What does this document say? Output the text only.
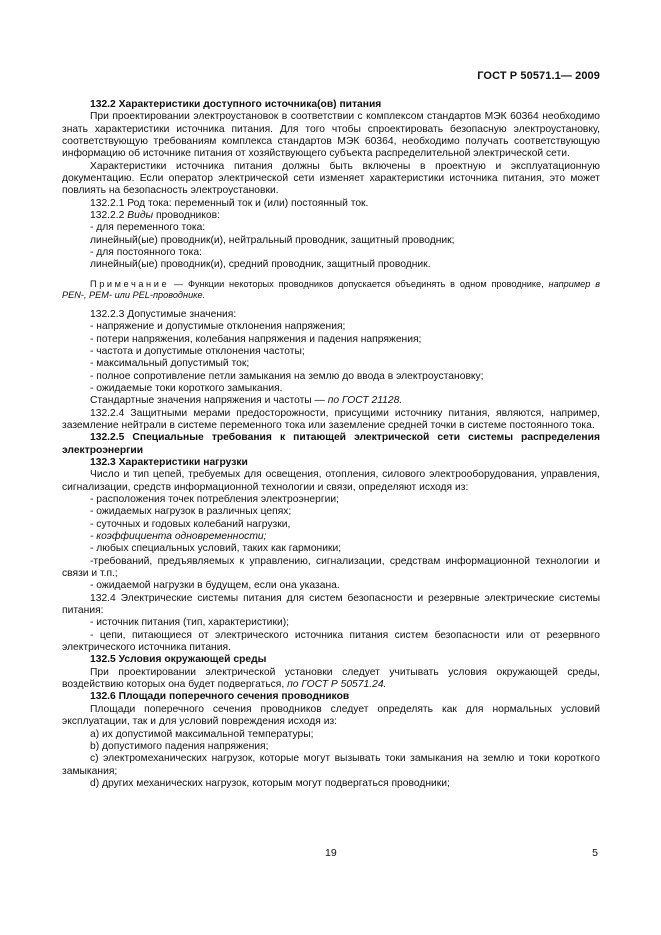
ГОСТ Р 50571.1— 2009

132.2 Характеристики доступного источника(ов) питания

При проектировании электроустановок в соответствии с комплексом стандартов МЭК 60364 необходимо знать характеристики источника питания. Для того чтобы спроектировать безопасную электроустановку, соответствующую требованиям комплекса стандартов МЭК 60364, необходимо получать соответствующую информацию об источнике питания от хозяйствующего субъекта распределительной электрической сети.

Характеристики источника питания должны быть включены в проектную и эксплуатационную документацию. Если оператор электрической сети изменяет характеристики источника питания, это может повлиять на безопасность электроустановки.

132.2.1 Род тока: переменный ток и (или) постоянный ток.

132.2.2 Виды проводников:

- для переменного тока:

линейный(ые) проводник(и), нейтральный проводник, защитный проводник;

- для постоянного тока:

линейный(ые) проводник(и), средний проводник, защитный проводник.

Примечание — Функции некоторых проводников допускается объединять в одном проводнике, например в PEN-, PEM- или PEL-проводнике.

132.2.3 Допустимые значения:

- напряжение и допустимые отклонения напряжения;

- потери напряжения, колебания напряжения и падения напряжения;

- частота и допустимые отклонения частоты;

- максимальный допустимый ток;

- полное сопротивление петли замыкания на землю до ввода в электроустановку;

- ожидаемые токи короткого замыкания.

Стандартные значения напряжения и частоты — по ГОСТ 21128.

132.2.4 Защитными мерами предосторожности, присущими источнику питания, являются, например, заземление нейтрали в системе переменного тока или заземление средней точки в системе постоянного тока.

132.2.5 Специальные требования к питающей электрической сети системы распределения электроэнергии

132.3 Характеристики нагрузки

Число и тип цепей, требуемых для освещения, отопления, силового электрооборудования, управления, сигнализации, средств информационной технологии и связи, определяют исходя из:

- расположения точек потребления электроэнергии;

- ожидаемых нагрузок в различных цепях;

- суточных и годовых колебаний нагрузки,

- коэффициента одновременности;

- любых специальных условий, таких как гармоники;

-требований, предъявляемых к управлению, сигнализации, средствам информационной технологии и связи и т.п.;

- ожидаемой нагрузки в будущем, если она указана.

132.4 Электрические системы питания для систем безопасности и резервные электрические системы питания:

- источник питания (тип, характеристики);

- цепи, питающиеся от электрического источника питания систем безопасности или от резервного электрического источника питания.

132.5 Условия окружающей среды

При проектировании электрической установки следует учитывать условия окружающей среды, воздействию которых она будет подвергаться, по ГОСТ Р 50571.24.

132.6 Площади поперечного сечения проводников

Площади поперечного сечения проводников следует определять как для нормальных условий эксплуатации, так и для условий повреждения исходя из:

а) их допустимой максимальной температуры;

b) допустимого падения напряжения;

с) электромеханических нагрузок, которые могут вызывать токи замыкания на землю и токи короткого замыкания;

d) других механических нагрузок, которым могут подвергаться проводники;

19	5
